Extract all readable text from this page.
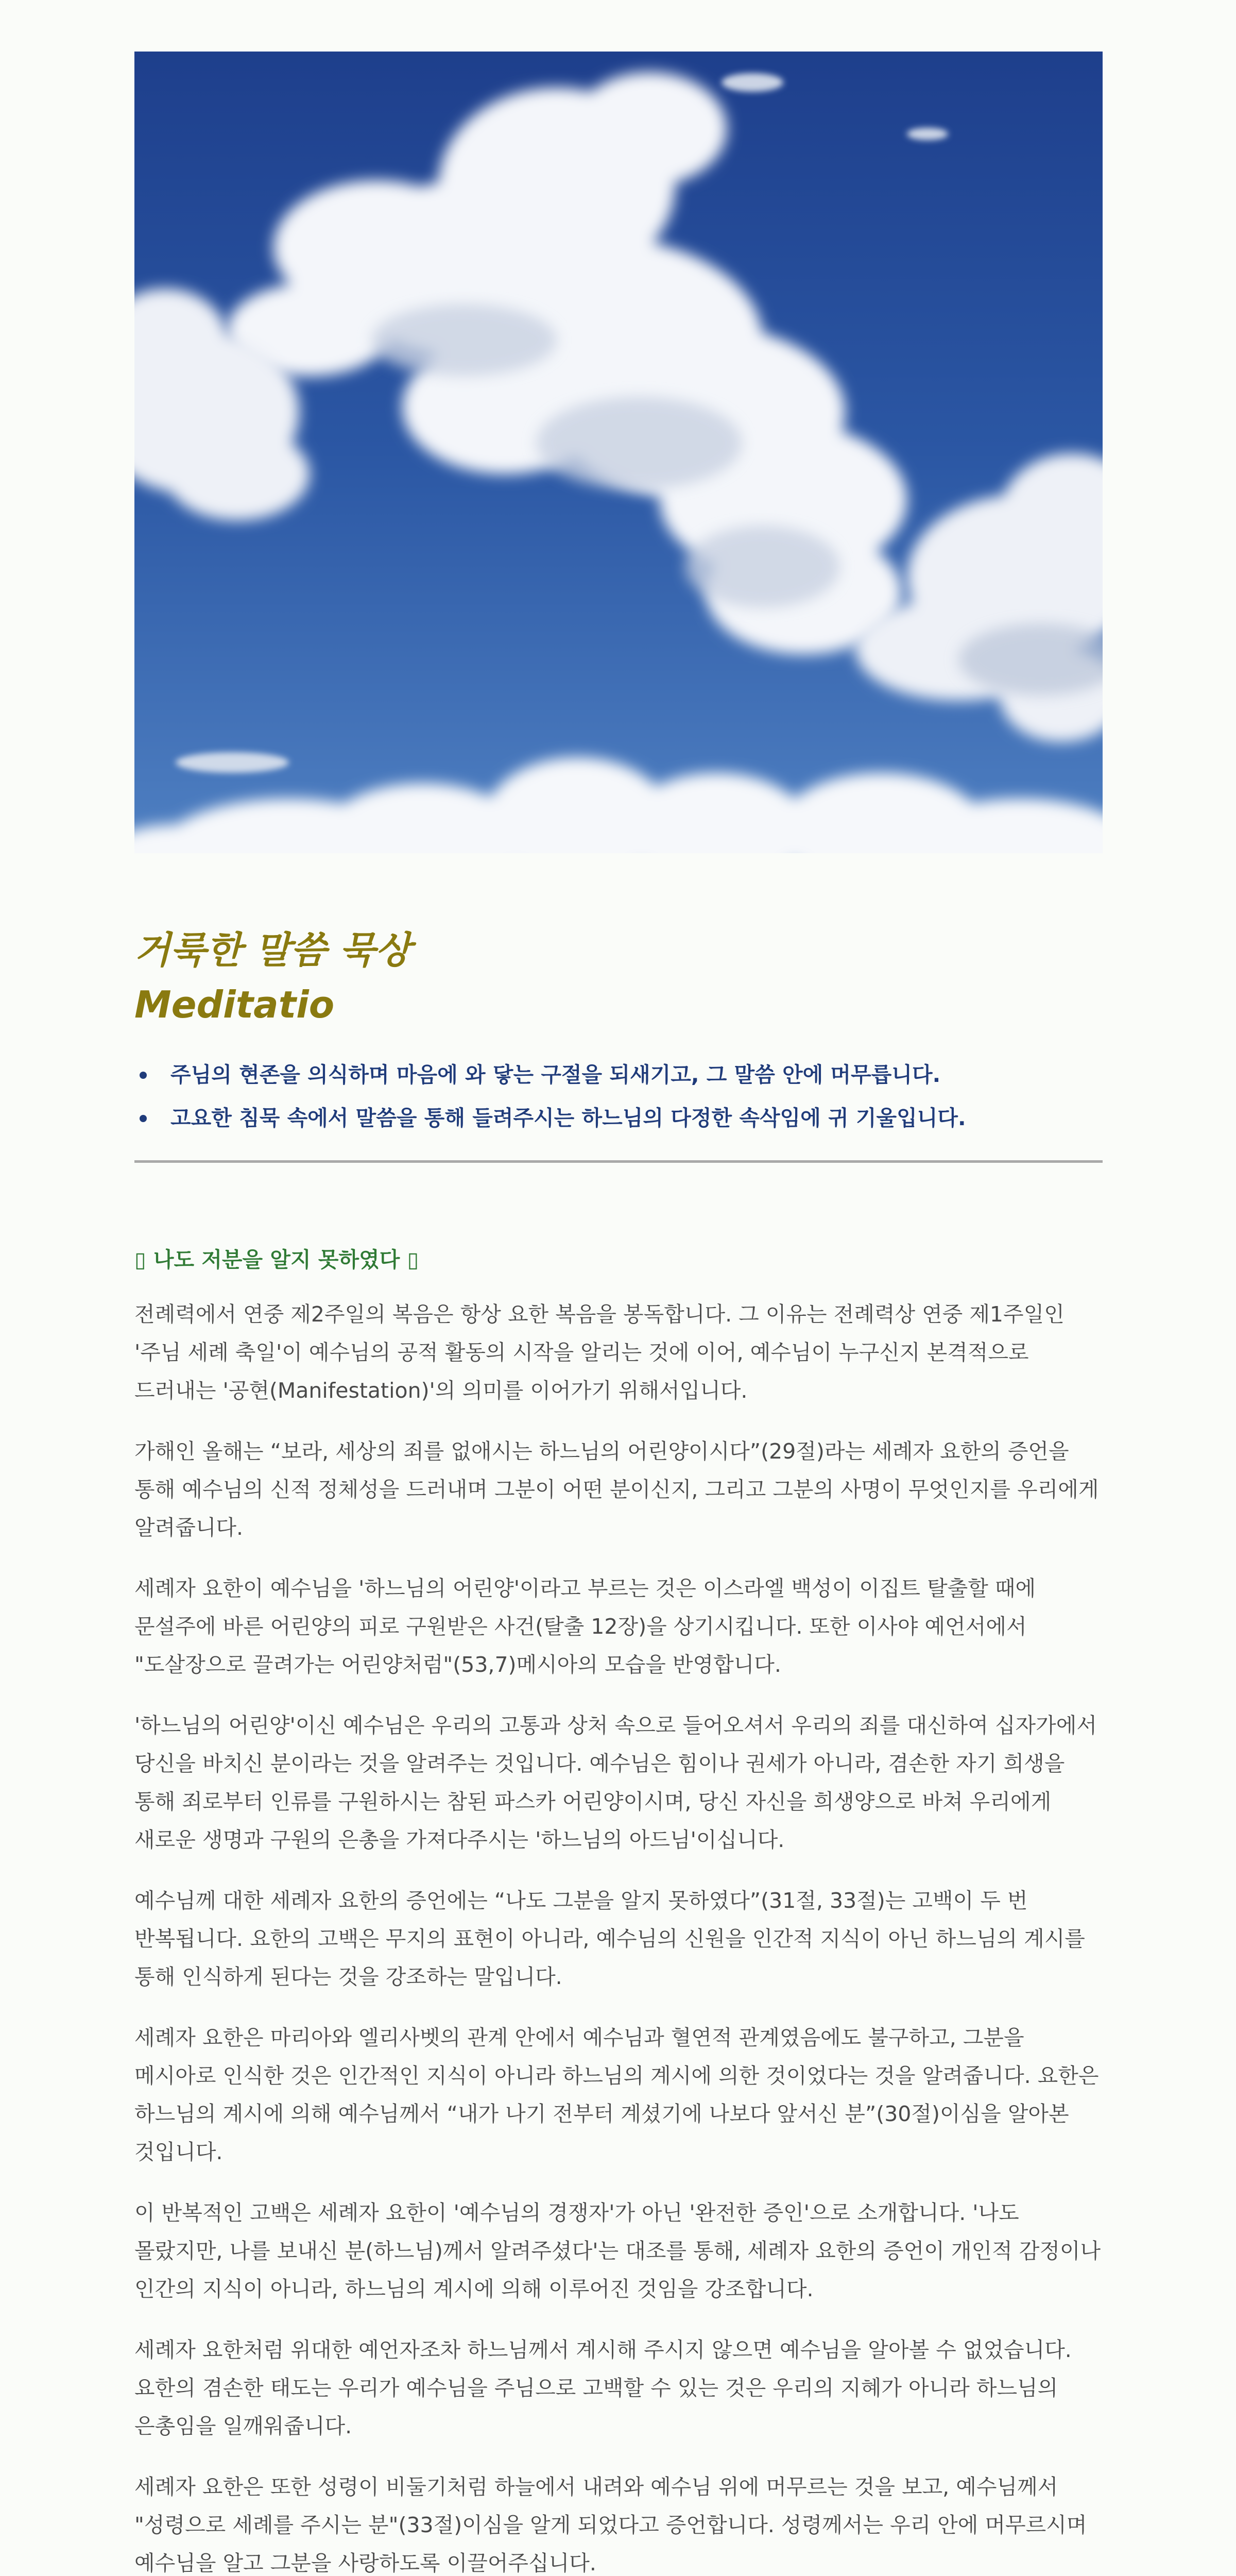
거룩한 말씀 묵상
Meditatio
주님의 현존을 의식하며 마음에 와 닿는 구절을 되새기고, 그 말씀 안에 머무릅니다.
고요한 침묵 속에서 말씀을 통해 들려주시는 하느님의 다정한 속삭임에 귀 기울입니다.
▯ 나도 저분을 알지 못하였다 ▯

전례력에서 연중 제2주일의 복음은 항상 요한 복음을 봉독합니다. 그 이유는 전례력상 연중 제1주일인 '주님 세례 축일'이 예수님의 공적 활동의 시작을 알리는 것에 이어, 예수님이 누구신지 본격적으로 드러내는 '공현(Manifestation)'의 의미를 이어가기 위해서입니다.

가해인 올해는 “보라, 세상의 죄를 없애시는 하느님의 어린양이시다”(29절)라는 세례자 요한의 증언을 통해 예수님의 신적 정체성을 드러내며 그분이 어떤 분이신지, 그리고 그분의 사명이 무엇인지를 우리에게 알려줍니다.

세례자 요한이 예수님을 '하느님의 어린양'이라고 부르는 것은 이스라엘 백성이 이집트 탈출할 때에 문설주에 바른 어린양의 피로 구원받은 사건(탈출 12장)을 상기시킵니다. 또한 이사야 예언서에서 "도살장으로 끌려가는 어린양처럼"(53,7)메시아의 모습을 반영합니다.

'하느님의 어린양'이신 예수님은 우리의 고통과 상처 속으로 들어오셔서 우리의 죄를 대신하여 십자가에서 당신을 바치신 분이라는 것을 알려주는 것입니다. 예수님은 힘이나 권세가 아니라, 겸손한 자기 희생을 통해 죄로부터 인류를 구원하시는 참된 파스카 어린양이시며, 당신 자신을 희생양으로 바쳐 우리에게 새로운 생명과 구원의 은총을 가져다주시는 '하느님의 아드님'이십니다.

예수님께 대한 세례자 요한의 증언에는 “나도 그분을 알지 못하였다”(31절, 33절)는 고백이 두 번 반복됩니다. 요한의 고백은 무지의 표현이 아니라, 예수님의 신원을 인간적 지식이 아닌 하느님의 계시를 통해 인식하게 된다는 것을 강조하는 말입니다.

세례자 요한은 마리아와 엘리사벳의 관계 안에서 예수님과 혈연적 관계였음에도 불구하고, 그분을 메시아로 인식한 것은 인간적인 지식이 아니라 하느님의 계시에 의한 것이었다는 것을 알려줍니다. 요한은 하느님의 계시에 의해 예수님께서 “내가 나기 전부터 계셨기에 나보다 앞서신 분”(30절)이심을 알아본 것입니다.

이 반복적인 고백은 세례자 요한이 '예수님의 경쟁자'가 아닌 '완전한 증인'으로 소개합니다. '나도 몰랐지만, 나를 보내신 분(하느님)께서 알려주셨다'는 대조를 통해, 세례자 요한의 증언이 개인적 감정이나 인간의 지식이 아니라, 하느님의 계시에 의해 이루어진 것임을 강조합니다.

세례자 요한처럼 위대한 예언자조차 하느님께서 계시해 주시지 않으면 예수님을 알아볼 수 없었습니다. 요한의 겸손한 태도는 우리가 예수님을 주님으로 고백할 수 있는 것은 우리의 지혜가 아니라 하느님의 은총임을 일깨워줍니다.

세례자 요한은 또한 성령이 비둘기처럼 하늘에서 내려와 예수님 위에 머무르는 것을 보고, 예수님께서 "성령으로 세례를 주시는 분"(33절)이심을 알게 되었다고 증언합니다. 성령께서는 우리 안에 머무르시며 예수님을 알고 그분을 사랑하도록 이끌어주십니다.
